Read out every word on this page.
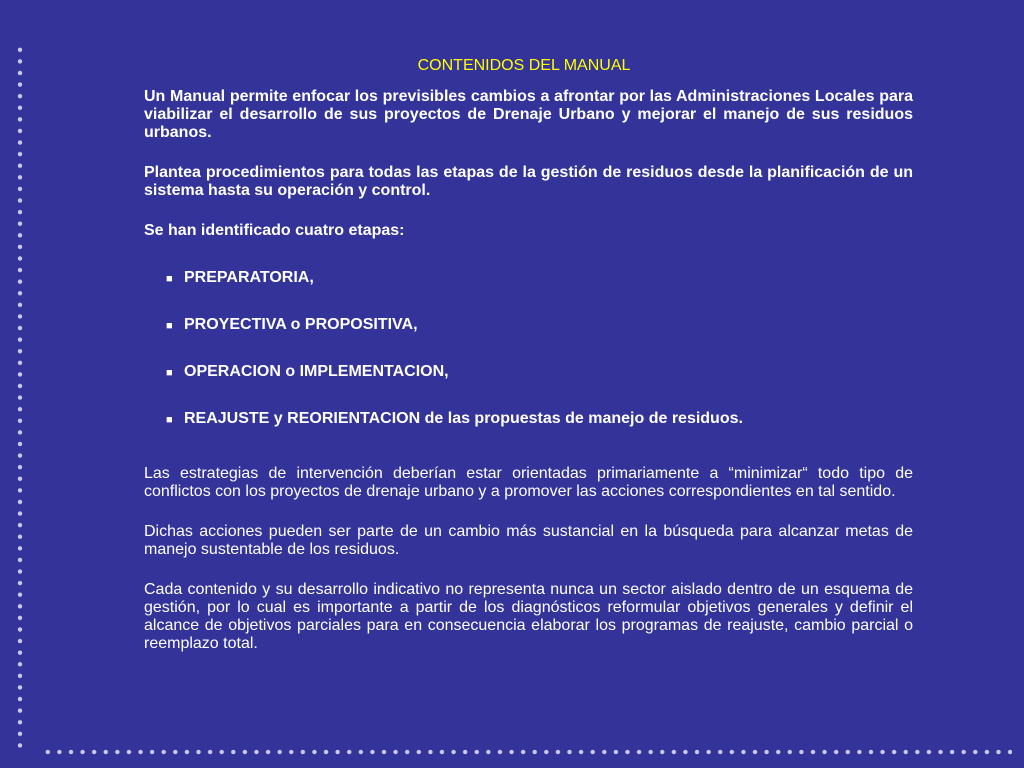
CONTENIDOS DEL MANUAL

Un Manual permite enfocar los previsibles cambios a afrontar por las Administraciones Locales para viabilizar el desarrollo de sus proyectos de Drenaje Urbano y mejorar el manejo de sus residuos urbanos.

Plantea procedimientos para todas las etapas de la gestión de residuos desde la planificación de un sistema hasta su operación y control.

Se han identificado cuatro etapas:

■ PREPARATORIA,
■ PROYECTIVA o PROPOSITIVA,
■ OPERACION o IMPLEMENTACION,
■ REAJUSTE y REORIENTACION de las propuestas de manejo de residuos.

Las estrategias de intervención deberían estar orientadas primariamente a “minimizar“ todo tipo de conflictos con los proyectos de drenaje urbano y a promover las acciones correspondientes en tal sentido.

Dichas acciones pueden ser parte de un cambio más sustancial en la búsqueda para alcanzar metas de manejo sustentable de los residuos.

Cada contenido y su desarrollo indicativo no representa nunca un sector aislado dentro de un esquema de gestión, por lo cual es importante a partir de los diagnósticos reformular objetivos generales y definir el alcance de objetivos parciales para en consecuencia elaborar los programas de reajuste, cambio parcial o reemplazo total.
